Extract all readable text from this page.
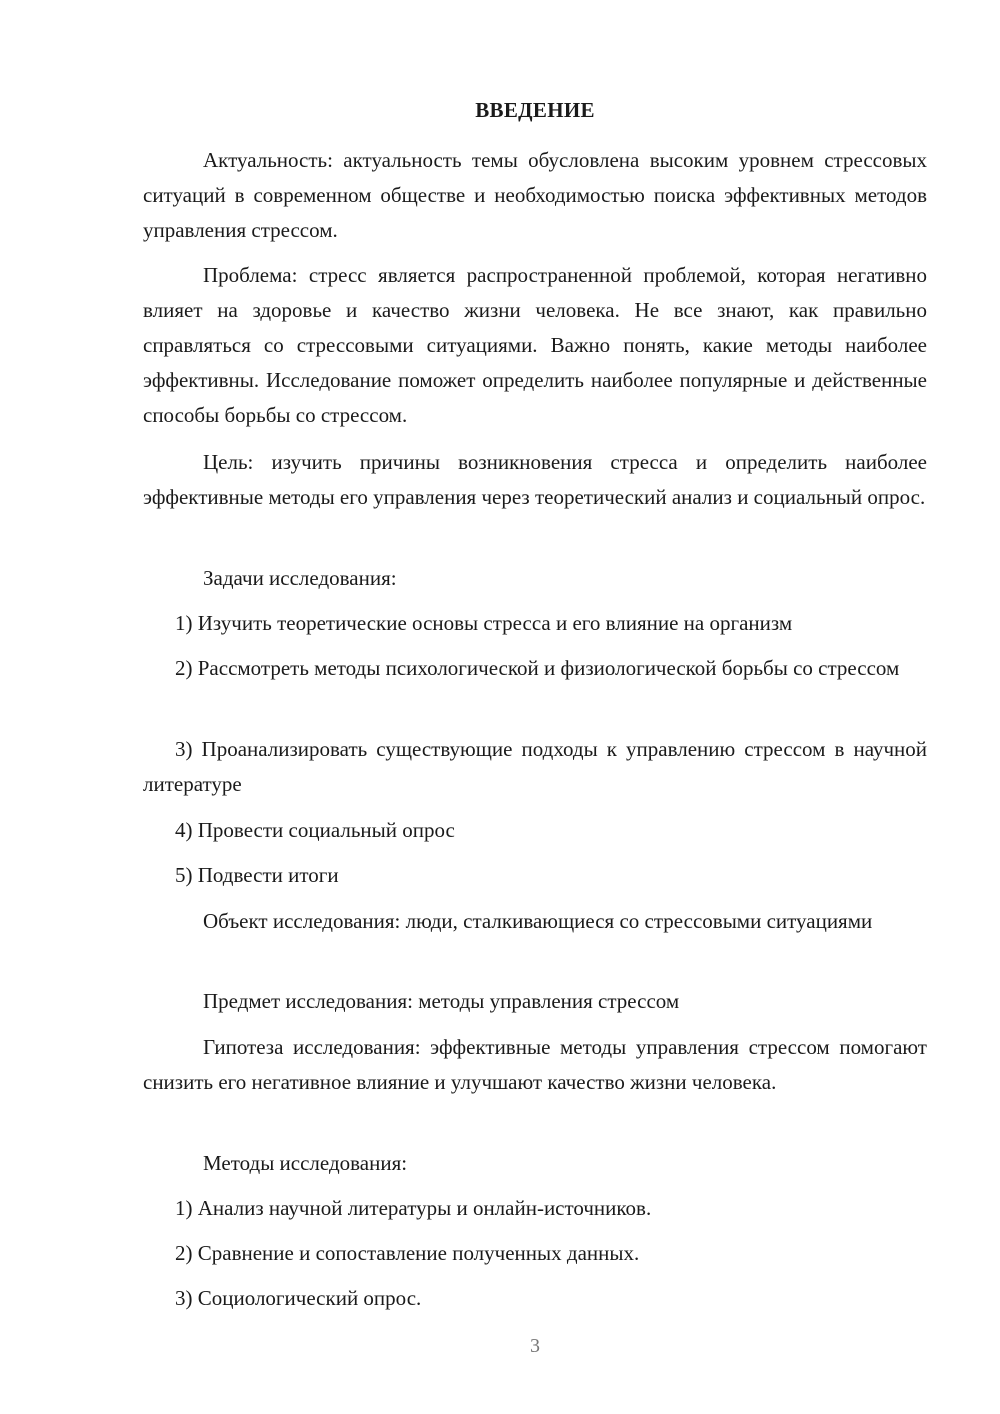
ВВЕДЕНИЕ

Актуальность: актуальность темы обусловлена высоким уровнем стрессовых ситуаций в современном обществе и необходимостью поиска эффективных методов управления стрессом.

Проблема: стресс является распространенной проблемой, которая негативно влияет на здоровье и качество жизни человека. Не все знают, как правильно справляться со стрессовыми ситуациями. Важно понять, какие методы наиболее эффективны. Исследование поможет определить наиболее популярные и действенные способы борьбы со стрессом.

Цель: изучить причины возникновения стресса и определить наиболее эффективные методы его управления через теоретический анализ и социальный опрос.

Задачи исследования:

1) Изучить теоретические основы стресса и его влияние на организм

2) Рассмотреть методы психологической и физиологической борьбы со стрессом

3) Проанализировать существующие подходы к управлению стрессом в научной литературе

4) Провести социальный опрос

5) Подвести итоги

Объект исследования: люди, сталкивающиеся со стрессовыми ситуациями

Предмет исследования: методы управления стрессом

Гипотеза исследования: эффективные методы управления стрессом помогают снизить его негативное влияние и улучшают качество жизни человека.

Методы исследования:

1) Анализ научной литературы и онлайн-источников.

2) Сравнение и сопоставление полученных данных.

3) Социологический опрос.

3
